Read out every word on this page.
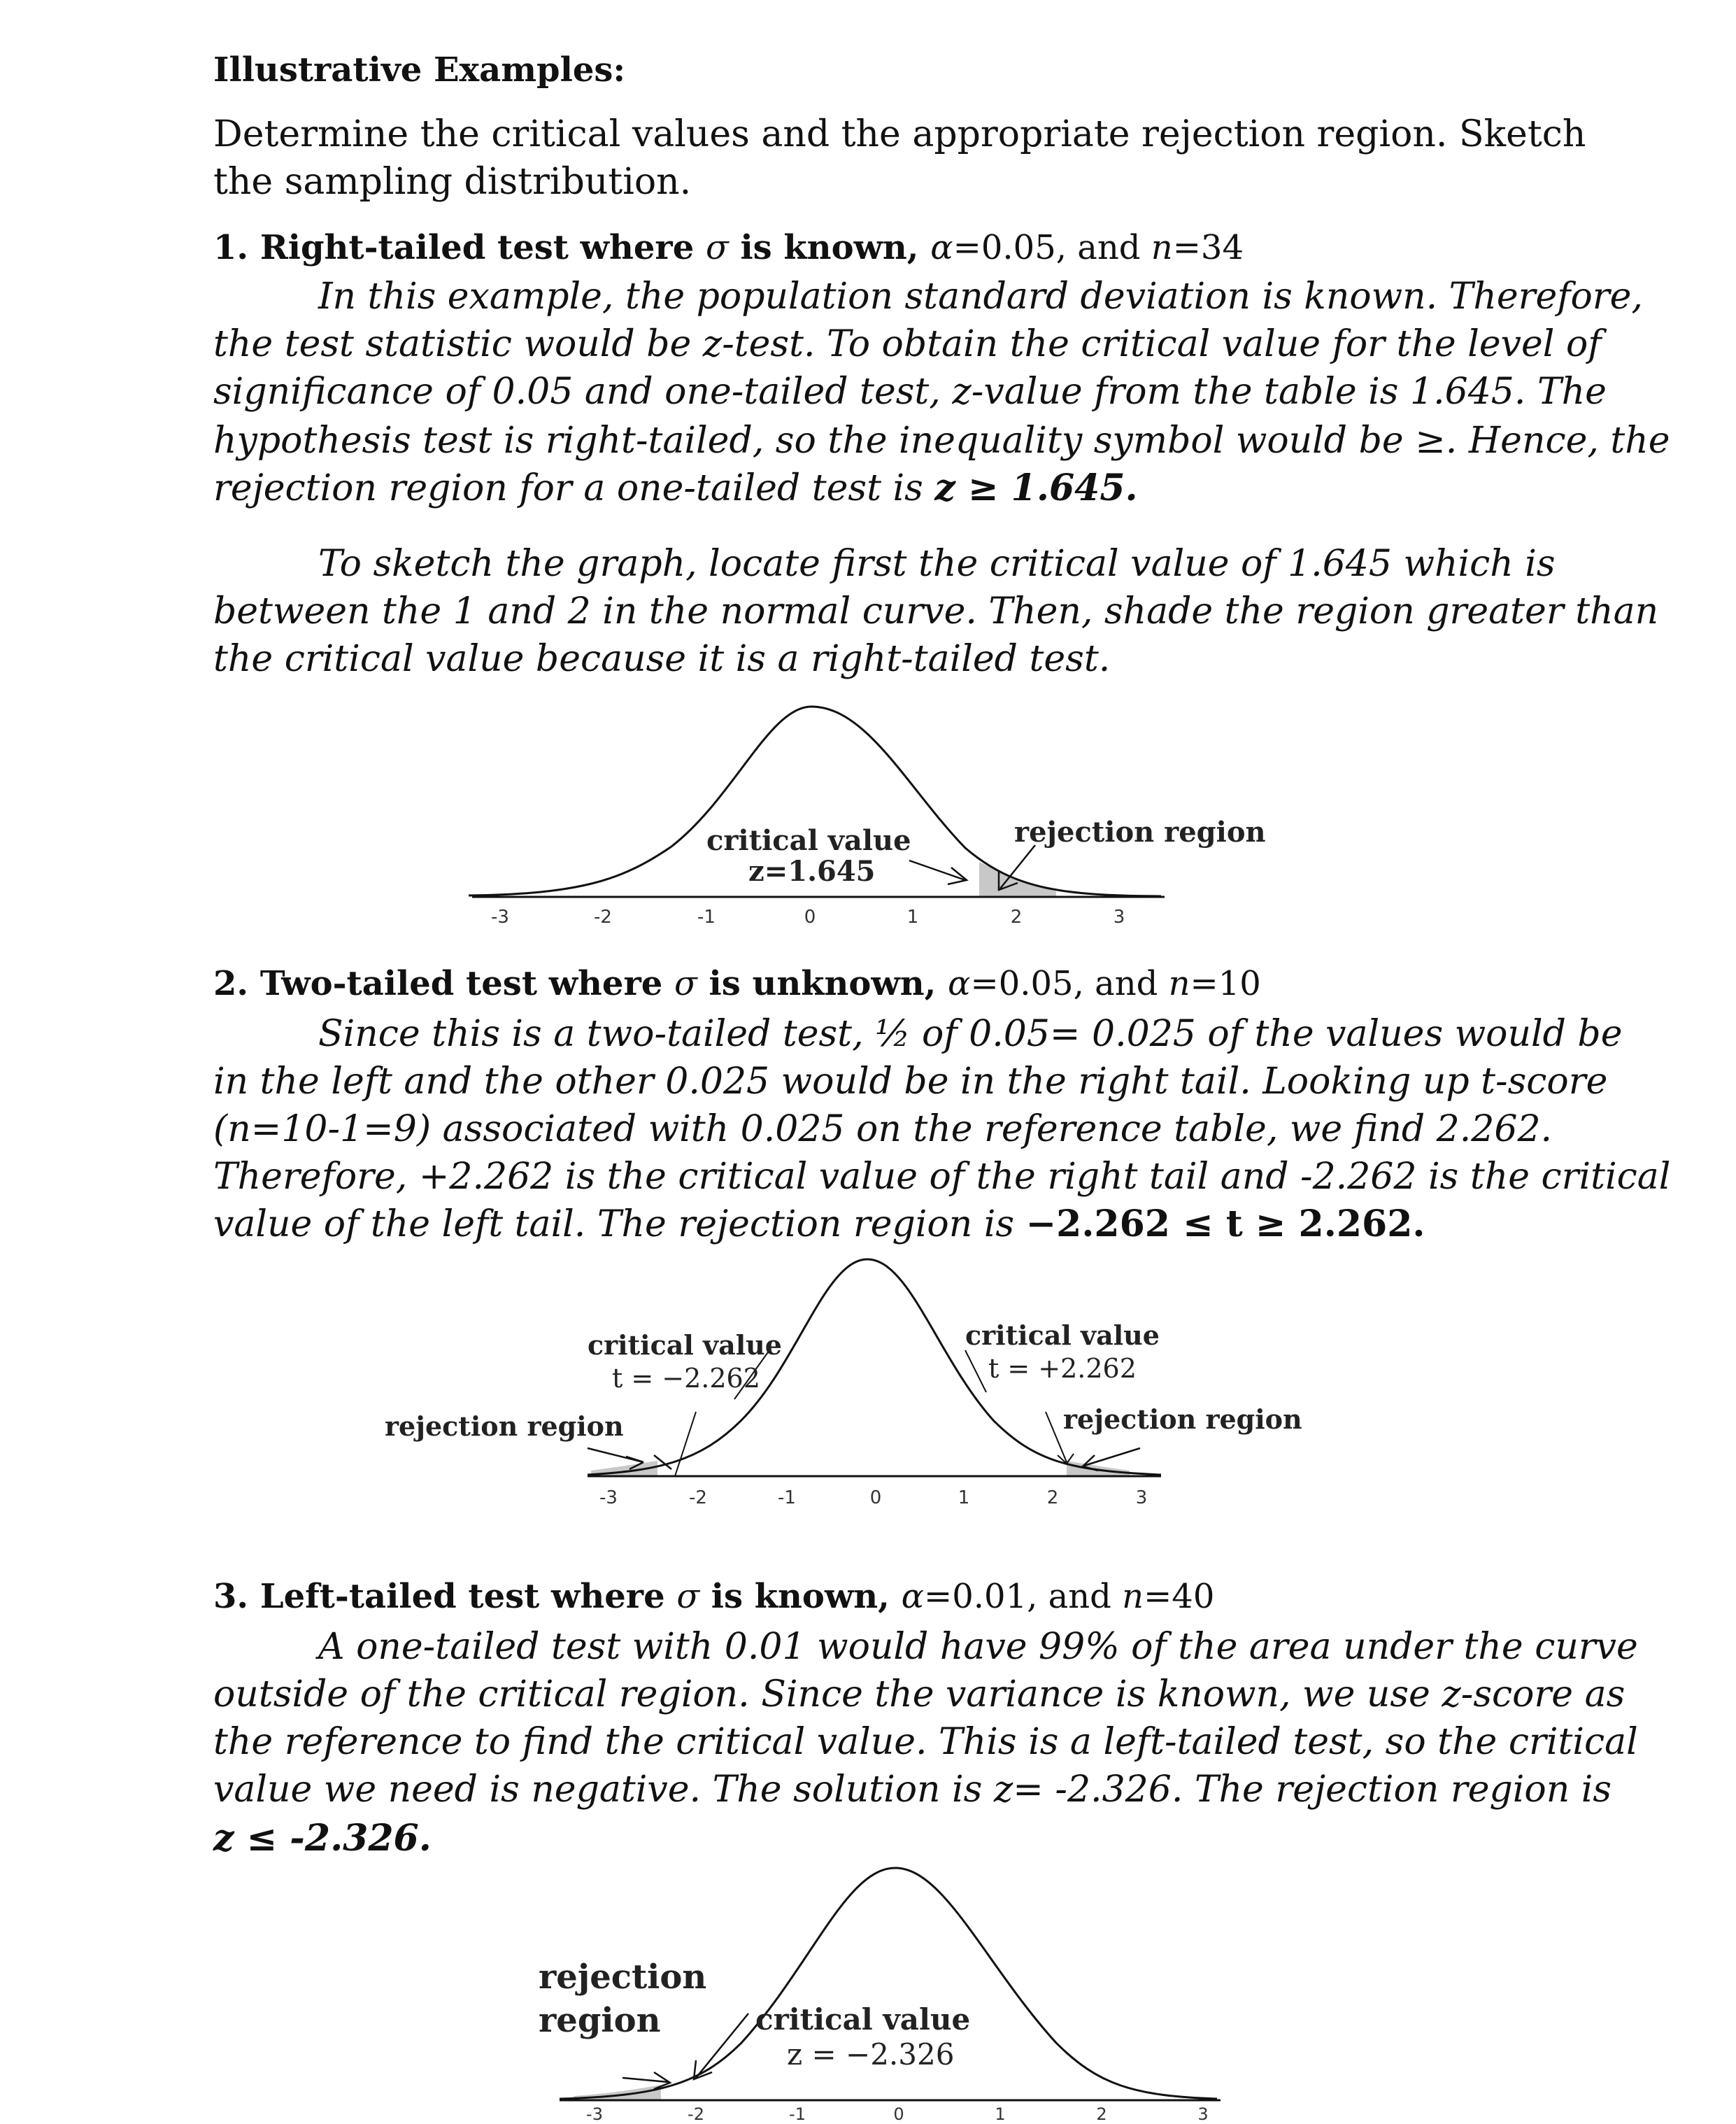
Illustrative Examples:
Determine the critical values and the appropriate rejection region. Sketch
the sampling distribution.
1. Right-tailed test where σ is known, α=0.05, and n=34
In this example, the population standard deviation is known. Therefore,
the test statistic would be z-test. To obtain the critical value for the level of
significance of 0.05 and one-tailed test, z-value from the table is 1.645. The
hypothesis test is right-tailed, so the inequality symbol would be ≥. Hence, the
rejection region for a one-tailed test is z ≥ 1.645.
To sketch the graph, locate first the critical value of 1.645 which is
between the 1 and 2 in the normal curve. Then, shade the region greater than
the critical value because it is a right-tailed test.
critical value
z=1.645
rejection region
-3	-2	-1	0	1	2	3
2. Two-tailed test where σ is unknown, α=0.05, and n=10
Since this is a two-tailed test, ½ of 0.05= 0.025 of the values would be
in the left and the other 0.025 would be in the right tail. Looking up t-score
(n=10-1=9) associated with 0.025 on the reference table, we find 2.262.
Therefore, +2.262 is the critical value of the right tail and -2.262 is the critical
value of the left tail. The rejection region is −2.262 ≤ t ≥ 2.262.
critical value
t = −2.262
critical value
t = +2.262
rejection region	rejection region
-3	-2	-1	0	1	2	3
3. Left-tailed test where σ is known, α=0.01, and n=40
A one-tailed test with 0.01 would have 99% of the area under the curve
outside of the critical region. Since the variance is known, we use z-score as
the reference to find the critical value. This is a left-tailed test, so the critical
value we need is negative. The solution is z= -2.326. The rejection region is
z ≤ -2.326.
rejection
region	critical value
z = −2.326
-3	-2	-1	0	1	2	3
